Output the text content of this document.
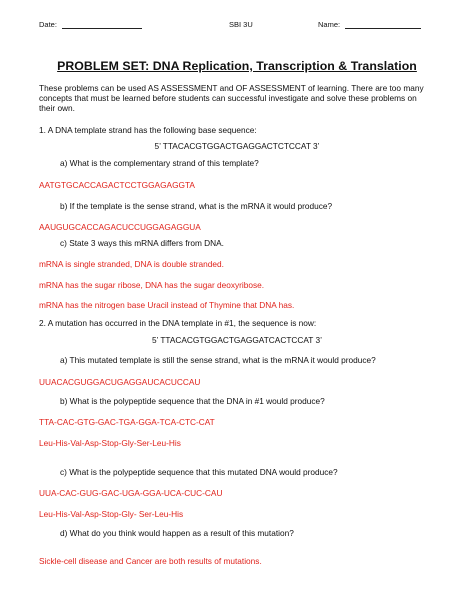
Date:	SBI 3U	Name:
PROBLEM SET: DNA Replication, Transcription & Translation
These problems can be used AS ASSESSMENT and OF ASSESSMENT of learning. There are too many concepts that must be learned before students can successful investigate and solve these problems on their own.
1. A DNA template strand has the following base sequence:
5’ TTACACGTGGACTGAGGACTCTCCAT 3’
a) What is the complementary strand of this template?
AATGTGCACCAGACTCCTGGAGAGGTA
b) If the template is the sense strand, what is the mRNA it would produce?
AAUGUGCACCAGACUCCUGGAGAGGUA
c) State 3 ways this mRNA differs from DNA.
mRNA is single stranded, DNA is double stranded.
mRNA has the sugar ribose, DNA has the sugar deoxyribose.
mRNA has the nitrogen base Uracil instead of Thymine that DNA has.
2. A mutation has occurred in the DNA template in #1, the sequence is now:
5’ TTACACGTGGACTGAGGATCACTCCAT 3’
a) This mutated template is still the sense strand, what is the mRNA it would produce?
UUACACGUGGACUGAGGAUCACUCCAU
b) What is the polypeptide sequence that the DNA in #1 would produce?
TTA-CAC-GTG-GAC-TGA-GGA-TCA-CTC-CAT
Leu-His-Val-Asp-Stop-Gly-Ser-Leu-His
c) What is the polypeptide sequence that this mutated DNA would produce?
UUA-CAC-GUG-GAC-UGA-GGA-UCA-CUC-CAU
Leu-His-Val-Asp-Stop-Gly- Ser-Leu-His
d) What do you think would happen as a result of this mutation?
Sickle-cell disease and Cancer are both results of mutations.
